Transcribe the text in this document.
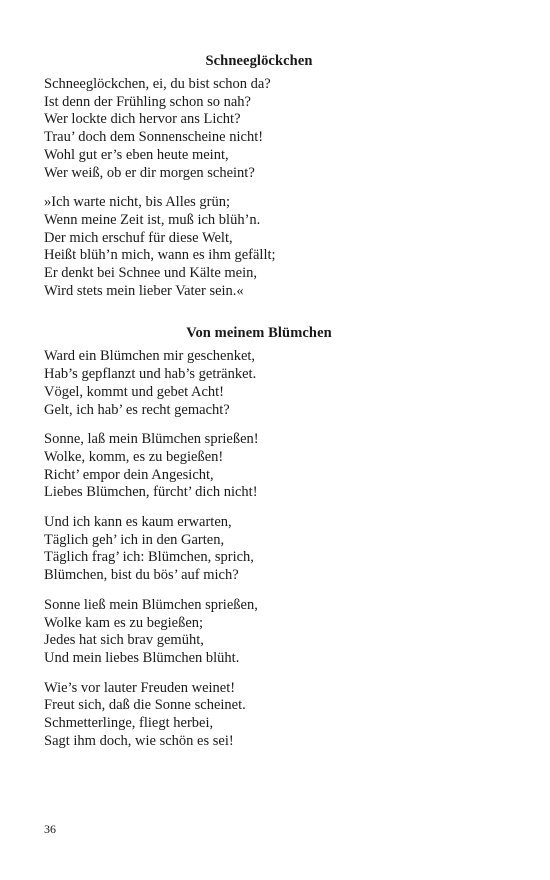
Schneeglöckchen
Schneeglöckchen, ei, du bist schon da?
Ist denn der Frühling schon so nah?
Wer lockte dich hervor ans Licht?
Trau’ doch dem Sonnenscheine nicht!
Wohl gut er’s eben heute meint,
Wer weiß, ob er dir morgen scheint?
»Ich warte nicht, bis Alles grün;
Wenn meine Zeit ist, muß ich blüh’n.
Der mich erschuf für diese Welt,
Heißt blüh’n mich, wann es ihm gefällt;
Er denkt bei Schnee und Kälte mein,
Wird stets mein lieber Vater sein.«
Von meinem Blümchen
Ward ein Blümchen mir geschenket,
Hab’s gepflanzt und hab’s getränket.
Vögel, kommt und gebet Acht!
Gelt, ich hab’ es recht gemacht?
Sonne, laß mein Blümchen sprießen!
Wolke, komm, es zu begießen!
Richt’ empor dein Angesicht,
Liebes Blümchen, fürcht’ dich nicht!
Und ich kann es kaum erwarten,
Täglich geh’ ich in den Garten,
Täglich frag’ ich: Blümchen, sprich,
Blümchen, bist du bös’ auf mich?
Sonne ließ mein Blümchen sprießen,
Wolke kam es zu begießen;
Jedes hat sich brav gemüht,
Und mein liebes Blümchen blüht.
Wie’s vor lauter Freuden weinet!
Freut sich, daß die Sonne scheinet.
Schmetterlinge, fliegt herbei,
Sagt ihm doch, wie schön es sei!
36
